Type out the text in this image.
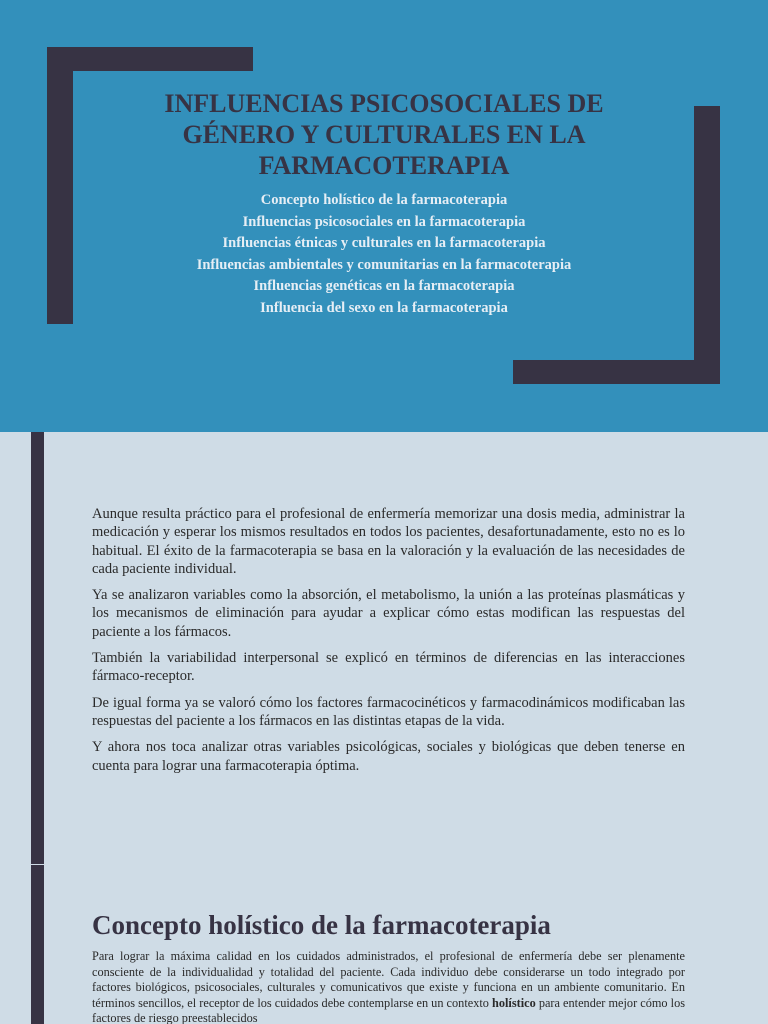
INFLUENCIAS PSICOSOCIALES DE GÉNERO Y CULTURALES EN LA FARMACOTERAPIA
Concepto holístico de la farmacoterapia
Influencias psicosociales en la farmacoterapia
Influencias étnicas y culturales en la farmacoterapia
Influencias ambientales y comunitarias en la farmacoterapia
Influencias genéticas en la farmacoterapia
Influencia del sexo en la farmacoterapia

Aunque resulta práctico para el profesional de enfermería memorizar una dosis media, administrar la medicación y esperar los mismos resultados en todos los pacientes, desafortunadamente, esto no es lo habitual. El éxito de la farmacoterapia se basa en la valoración y la evaluación de las necesidades de cada paciente individual.

Ya se analizaron variables como la absorción, el metabolismo, la unión a las proteínas plasmáticas y los mecanismos de eliminación para ayudar a explicar cómo estas modifican las respuestas del paciente a los fármacos.

También la variabilidad interpersonal se explicó en términos de diferencias en las interacciones fármaco-receptor.

De igual forma ya se valoró cómo los factores farmacocinéticos y farmacodinámicos modificaban las respuestas del paciente a los fármacos en las distintas etapas de la vida.

Y ahora nos toca analizar otras variables psicológicas, sociales y biológicas que deben tenerse en cuenta para lograr una farmacoterapia óptima.

Concepto holístico de la farmacoterapia

Para lograr la máxima calidad en los cuidados administrados, el profesional de enfermería debe ser plenamente consciente de la individualidad y totalidad del paciente. Cada individuo debe considerarse un todo integrado por factores biológicos, psicosociales, culturales y comunicativos que existe y funciona en un ambiente comunitario. En términos sencillos, el receptor de los cuidados debe contemplarse en un contexto holístico para entender mejor cómo los factores de riesgo preestablecidos
